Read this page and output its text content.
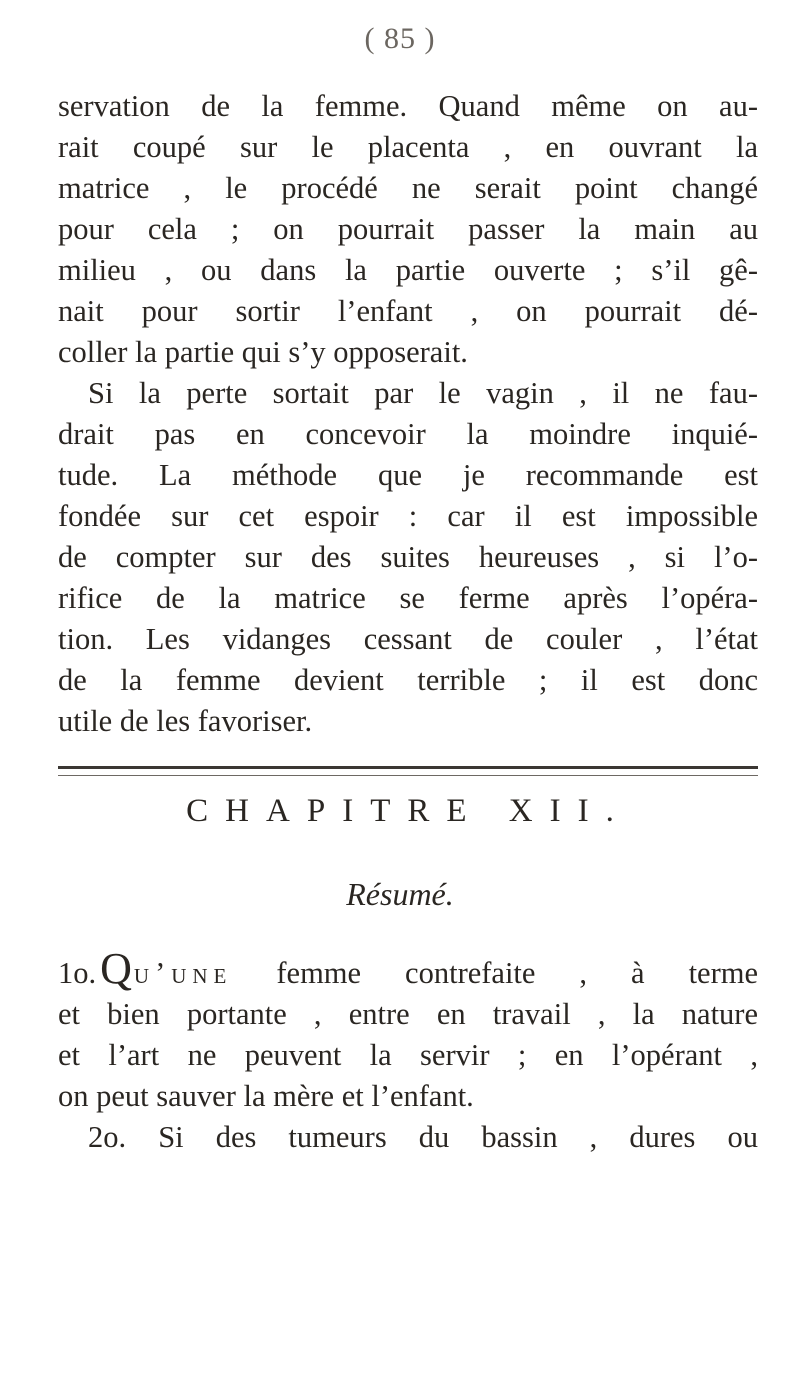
( 85 )
servation de la femme. Quand même on au-
rait coupé sur le placenta , en ouvrant la
matrice , le procédé ne serait point changé
pour cela ; on pourrait passer la main au
milieu , ou dans la partie ouverte ; s’il gê-
nait pour sortir l’enfant , on pourrait dé-
coller la partie qui s’y opposerait.
Si la perte sortait par le vagin , il ne fau-
drait pas en concevoir la moindre inquié-
tude. La méthode que je recommande est
fondée sur cet espoir : car il est impossible
de compter sur des suites heureuses , si l’o-
rifice de la matrice se ferme après l’opéra-
tion. Les vidanges cessant de couler , l’état
de la femme devient terrible ; il est donc
utile de les favoriser.
CHAPITRE XII.
Résumé.
1o.Qu’une femme contrefaite , à terme
et bien portante , entre en travail , la nature
et l’art ne peuvent la servir ; en l’opérant ,
on peut sauver la mère et l’enfant.
2o. Si des tumeurs du bassin , dures ou
